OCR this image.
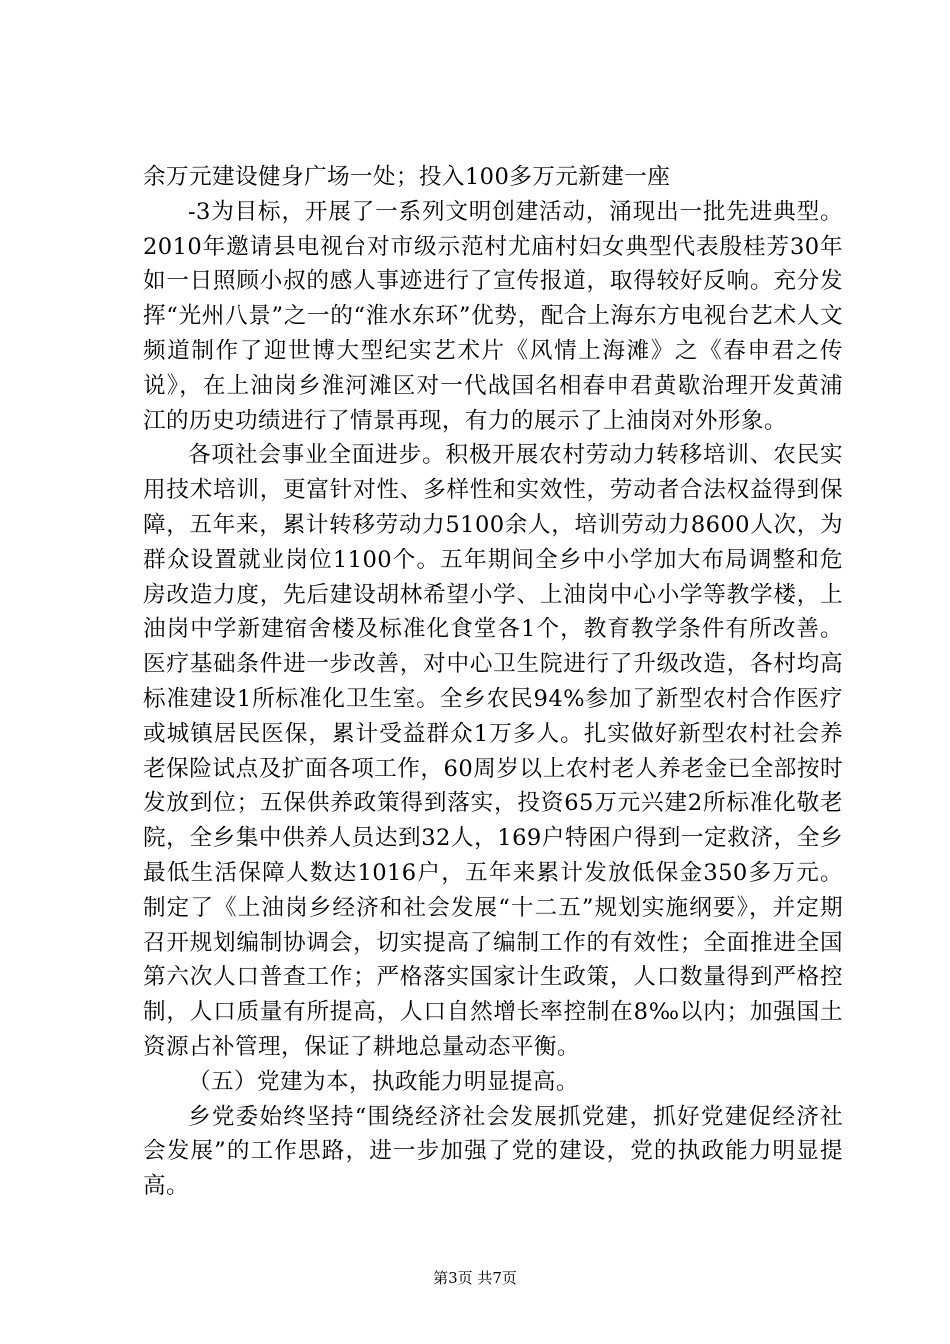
余万元建设健身广场一处；投入100多万元新建一座

-3为目标，开展了一系列文明创建活动，涌现出一批先进典型。2010年邀请县电视台对市级示范村尤庙村妇女典型代表殷桂芳30年如一日照顾小叔的感人事迹进行了宣传报道，取得较好反响。充分发挥“光州八景”之一的“淮水东环”优势，配合上海东方电视台艺术人文频道制作了迎世博大型纪实艺术片《风情上海滩》之《春申君之传说》，在上油岗乡淮河滩区对一代战国名相春申君黄歇治理开发黄浦江的历史功绩进行了情景再现，有力的展示了上油岗对外形象。

各项社会事业全面进步。积极开展农村劳动力转移培训、农民实用技术培训，更富针对性、多样性和实效性，劳动者合法权益得到保障，五年来，累计转移劳动力5100余人，培训劳动力8600人次，为群众设置就业岗位1100个。五年期间全乡中小学加大布局调整和危房改造力度，先后建设胡林希望小学、上油岗中心小学等教学楼，上油岗中学新建宿舍楼及标准化食堂各1个，教育教学条件有所改善。医疗基础条件进一步改善，对中心卫生院进行了升级改造，各村均高标准建设1所标准化卫生室。全乡农民94%参加了新型农村合作医疗或城镇居民医保，累计受益群众1万多人。扎实做好新型农村社会养老保险试点及扩面各项工作，60周岁以上农村老人养老金已全部按时发放到位；五保供养政策得到落实，投资65万元兴建2所标准化敬老院，全乡集中供养人员达到32人，169户特困户得到一定救济，全乡最低生活保障人数达1016户，五年来累计发放低保金350多万元。制定了《上油岗乡经济和社会发展“十二五”规划实施纲要》，并定期召开规划编制协调会，切实提高了编制工作的有效性；全面推进全国第六次人口普查工作；严格落实国家计生政策，人口数量得到严格控制，人口质量有所提高，人口自然增长率控制在8‰以内；加强国土资源占补管理，保证了耕地总量动态平衡。

（五）党建为本，执政能力明显提高。

乡党委始终坚持“围绕经济社会发展抓党建，抓好党建促经济社会发展”的工作思路，进一步加强了党的建设，党的执政能力明显提高。

第3页 共7页
